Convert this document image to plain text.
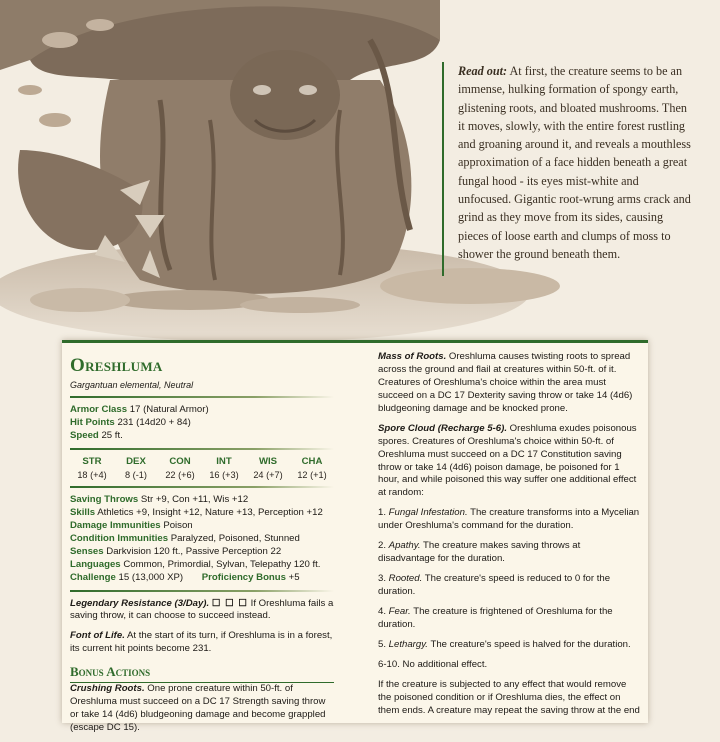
Read out: At first, the creature seems to be an immense, hulking formation of spongy earth, glistening roots, and bloated mushrooms. Then it moves, slowly, with the entire forest rustling and groaning around it, and reveals a mouthless approximation of a face hidden beneath a great fungal hood - its eyes mist-white and unfocused. Gigantic root-wrung arms crack and grind as they move from its sides, causing pieces of loose earth and clumps of moss to shower the ground beneath them.
Oreshluma
Gargantuan elemental, Neutral
Armor Class 17 (Natural Armor)
Hit Points 231 (14d20 + 84)
Speed 25 ft.
STR	DEX	CON	INT	WIS	CHA
18 (+4)	8 (-1)	22 (+6)	16 (+3)	24 (+7)	12 (+1)
Saving Throws Str +9, Con +11, Wis +12
Skills Athletics +9, Insight +12, Nature +13, Perception +12
Damage Immunities Poison
Condition Immunities Paralyzed, Poisoned, Stunned
Senses Darkvision 120 ft., Passive Perception 22
Languages Common, Primordial, Sylvan, Telepathy 120 ft.
Challenge 15 (13,000 XP) Proficiency Bonus +5

Legendary Resistance (3/Day). ☐ ☐ ☐ If Oreshluma fails a saving throw, it can choose to succeed instead.

Font of Life. At the start of its turn, if Oreshluma is in a forest, its current hit points become 231.

Bonus Actions

Crushing Roots. One prone creature within 50-ft. of Oreshluma must succeed on a DC 17 Strength saving throw or take 14 (4d6) bludgeoning damage and become grappled (escape DC 15).

Mass of Roots. Oreshluma causes twisting roots to spread across the ground and flail at creatures within 50-ft. of it. Creatures of Oreshluma's choice within the area must succeed on a DC 17 Dexterity saving throw or take 14 (4d6) bludgeoning damage and be knocked prone.

Spore Cloud (Recharge 5-6). Oreshluma exudes poisonous spores. Creatures of Oreshluma's choice within 50-ft. of Oreshluma must succeed on a DC 17 Constitution saving throw or take 14 (4d6) poison damage, be poisoned for 1 hour, and while poisoned this way suffer one additional effect at random:

1. Fungal Infestation. The creature transforms into a Mycelian under Oreshluma's command for the duration.

2. Apathy. The creature makes saving throws at disadvantage for the duration.

3. Rooted. The creature's speed is reduced to 0 for the duration.

4. Fear. The creature is frightened of Oreshluma for the duration.

5. Lethargy. The creature's speed is halved for the duration.

6-10. No additional effect.

If the creature is subjected to any effect that would remove the poisoned condition or if Oreshluma dies, the effect on them ends. A creature may repeat the saving throw at the end
